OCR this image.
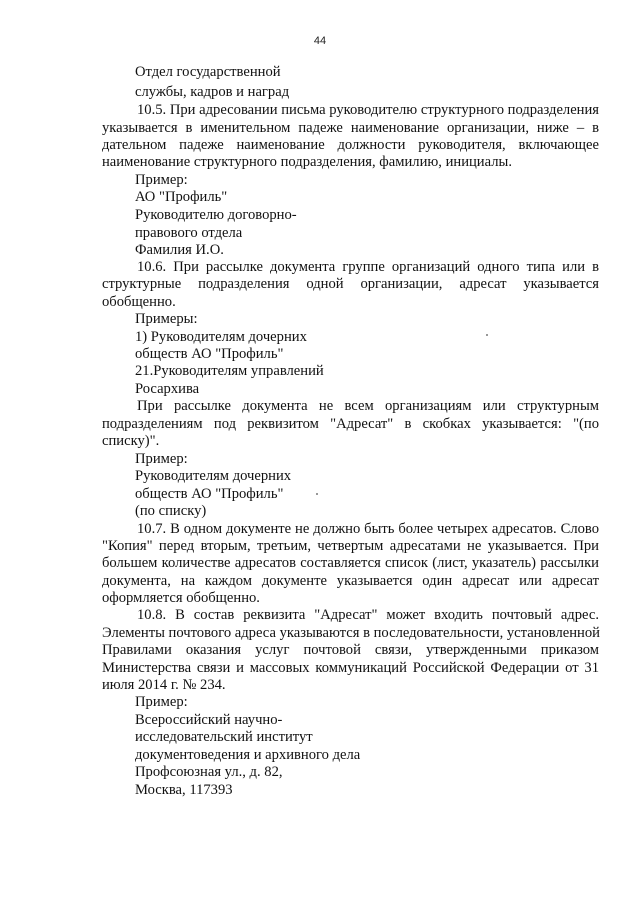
44
Отдел государственной
службы, кадров и наград
10.5. При адресовании письма руководителю структурного подразделения
указывается в именительном падеже наименование организации, ниже – в
дательном падеже наименование должности руководителя, включающее
наименование структурного подразделения, фамилию, инициалы.
Пример:
АО "Профиль"
Руководителю договорно-
правового отдела
Фамилия И.О.
10.6. При рассылке документа группе организаций одного типа или в
структурные подразделения одной организации, адресат указывается
обобщенно.
Примеры:
1) Руководителям дочерних
обществ АО "Профиль"
21.Руководителям управлений
Росархива
При рассылке документа не всем организациям или структурным
подразделениям под реквизитом "Адресат" в скобках указывается: "(по
списку)".
Пример:
Руководителям дочерних
обществ АО "Профиль"
(по списку)
10.7. В одном документе не должно быть более четырех адресатов. Слово
"Копия" перед вторым, третьим, четвертым адресатами не указывается. При
большем количестве адресатов составляется список (лист, указатель) рассылки
документа, на каждом документе указывается один адресат или адресат
оформляется обобщенно.
10.8. В состав реквизита "Адресат" может входить почтовый адрес.
Элементы почтового адреса указываются в последовательности, установленной
Правилами оказания услуг почтовой связи, утвержденными приказом
Министерства связи и массовых коммуникаций Российской Федерации от 31
июля 2014 г. № 234.
Пример:
Всероссийский научно-
исследовательский институт
документоведения и архивного дела
Профсоюзная ул., д. 82,
Москва, 117393
